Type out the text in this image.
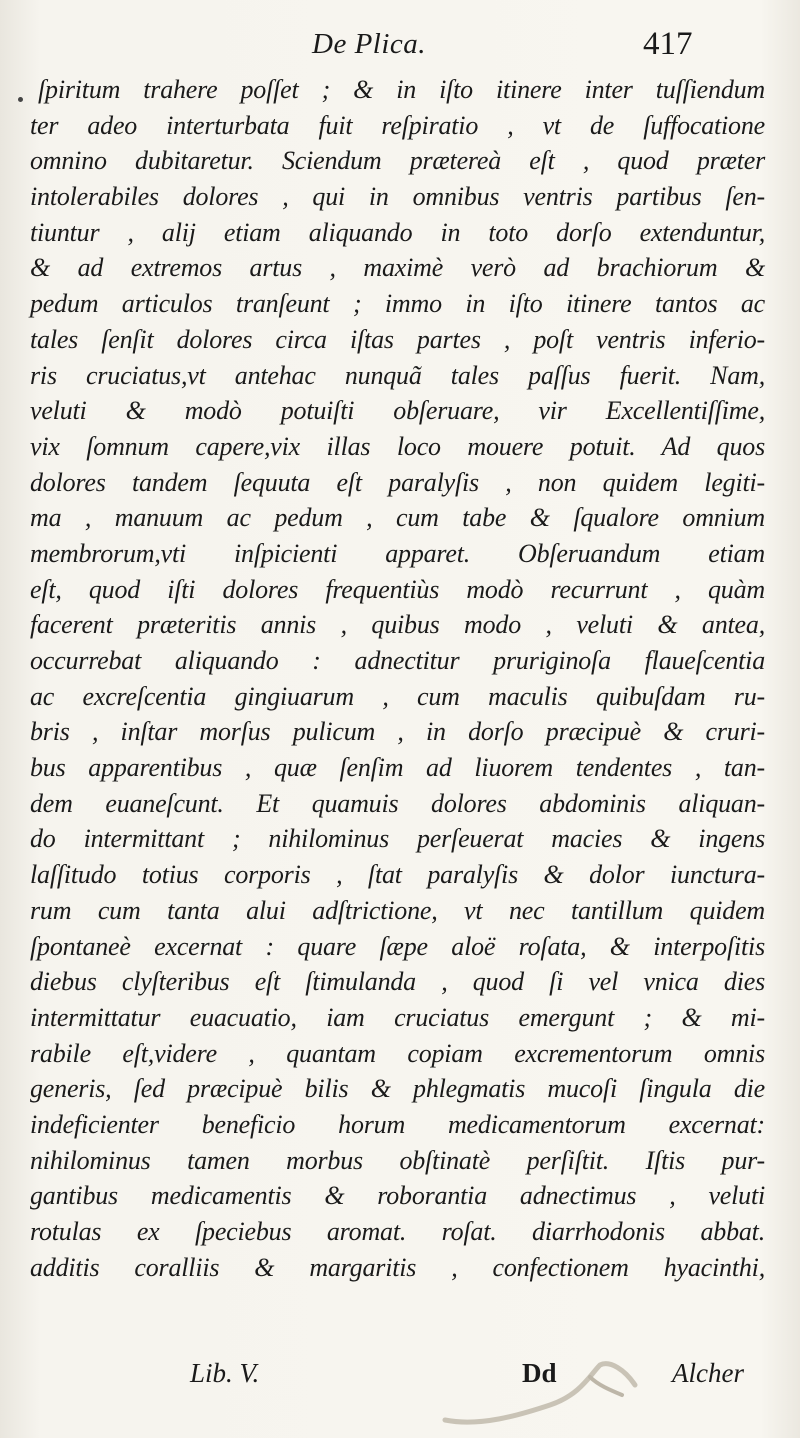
De Plica.	417
ſpiritum trahere poſſet ; & in iſto itinere inter tuſſiendum
ter adeo interturbata fuit reſpiratio , vt de ſuffocatione
omnino dubitaretur. Sciendum prætereà eſt , quod præter
intolerabiles dolores , qui in omnibus ventris partibus ſen-
tiuntur , alij etiam aliquando in toto dorſo extenduntur,
& ad extremos artus , maximè verò ad brachiorum &
pedum articulos tranſeunt ; immo in iſto itinere tantos ac
tales ſenſit dolores circa iſtas partes , poſt ventris inferio-
ris cruciatus,vt antehac nunquã tales paſſus fuerit. Nam,
veluti & modò potuiſti obſeruare, vir Excellentiſſime,
vix ſomnum capere,vix illas loco mouere potuit. Ad quos
dolores tandem ſequuta eſt paralyſis , non quidem legiti-
ma , manuum ac pedum , cum tabe & ſqualore omnium
membrorum,vti inſpicienti apparet. Obſeruandum etiam
eſt, quod iſti dolores frequentiùs modò recurrunt , quàm
facerent præteritis annis , quibus modo , veluti & antea,
occurrebat aliquando : adnectitur pruriginoſa flaueſcentia
ac excreſcentia gingiuarum , cum maculis quibuſdam ru-
bris , inſtar morſus pulicum , in dorſo præcipuè & cruri-
bus apparentibus , quæ ſenſim ad liuorem tendentes , tan-
dem euaneſcunt. Et quamuis dolores abdominis aliquan-
do intermittant ; nihilominus perſeuerat macies & ingens
laſſitudo totius corporis , ſtat paralyſis & dolor iuncturа-
rum cum tanta alui adſtrictione, vt nec tantillum quidem
ſpontaneè excernat : quare ſæpe aloë roſata, & interpoſitis
diebus clyſteribus eſt ſtimulanda , quod ſi vel vnica dies
intermittatur euacuatio, iam cruciatus emergunt ; & mi-
rabile eſt,videre , quantam copiam excrementorum omnis
generis, ſed præcipuè bilis & phlegmatis mucoſi ſingula die
indeficienter beneficio horum medicamentorum excernat:
nihilominus tamen morbus obſtinatè perſiſtit. Iſtis pur-
gantibus medicamentis & roborantia adnectimus , veluti
rotulas ex ſpeciebus aromat. roſat. diarrhodonis abbat.
additis coralliis & margaritis , confectionem hyacinthi,
Lib. V.	Dd	Alcher
